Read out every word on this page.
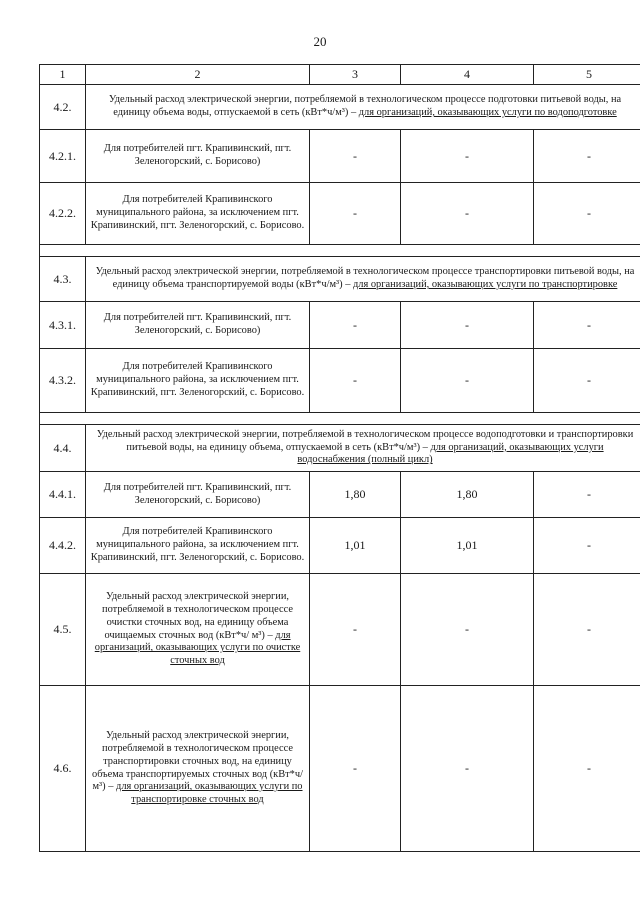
20
1	2	3	4	5
4.2.	Удельный расход электрической энергии, потребляемой в технологическом процессе подготовки питьевой воды, на единицу объема воды, отпускаемой в сеть (кВт*ч/м³) – для организаций, оказывающих услуги по водоподготовке			
4.2.1.	Для потребителей пгт. Крапивинский, пгт. Зеленогорский, с. Борисово)	-	-	-
4.2.2.	Для потребителей Крапивинского муниципального района, за исключением пгт. Крапивинский, пгт. Зеленогорский, с. Борисово.	-	-	-

4.3.	Удельный расход электрической энергии, потребляемой в технологическом процессе транспортировки питьевой воды, на единицу объема транспортируемой воды (кВт*ч/м³) – для организаций, оказывающих услуги по транспортировке			
4.3.1.	Для потребителей пгт. Крапивинский, пгт. Зеленогорский, с. Борисово)	-	-	-
4.3.2.	Для потребителей Крапивинского муниципального района, за исключением пгт. Крапивинский, пгт. Зеленогорский, с. Борисово.	-	-	-

4.4.	Удельный расход электрической энергии, потребляемой в технологическом процессе водоподготовки и транспортировки питьевой воды, на единицу объема, отпускаемой в сеть (кВт*ч/м³) – для организаций, оказывающих услуги водоснабжения (полный цикл)			
4.4.1.	Для потребителей пгт. Крапивинский, пгт. Зеленогорский, с. Борисово)	1,80	1,80	-
4.4.2.	Для потребителей Крапивинского муниципального района, за исключением пгт. Крапивинский, пгт. Зеленогорский, с. Борисово.	1,01	1,01	-
4.5.	Удельный расход электрической энергии, потребляемой в технологическом процессе очистки сточных вод, на единицу объема очищаемых сточных вод (кВт*ч/ м³) – для организаций, оказывающих услуги по очистке сточных вод	-	-	-
4.6.	Удельный расход электрической энергии, потребляемой в технологическом процессе транспортировки сточных вод, на единицу объема транспортируемых сточных вод (кВт*ч/ м³) – для организаций, оказывающих услуги по транспортировке сточных вод	-	-	-
